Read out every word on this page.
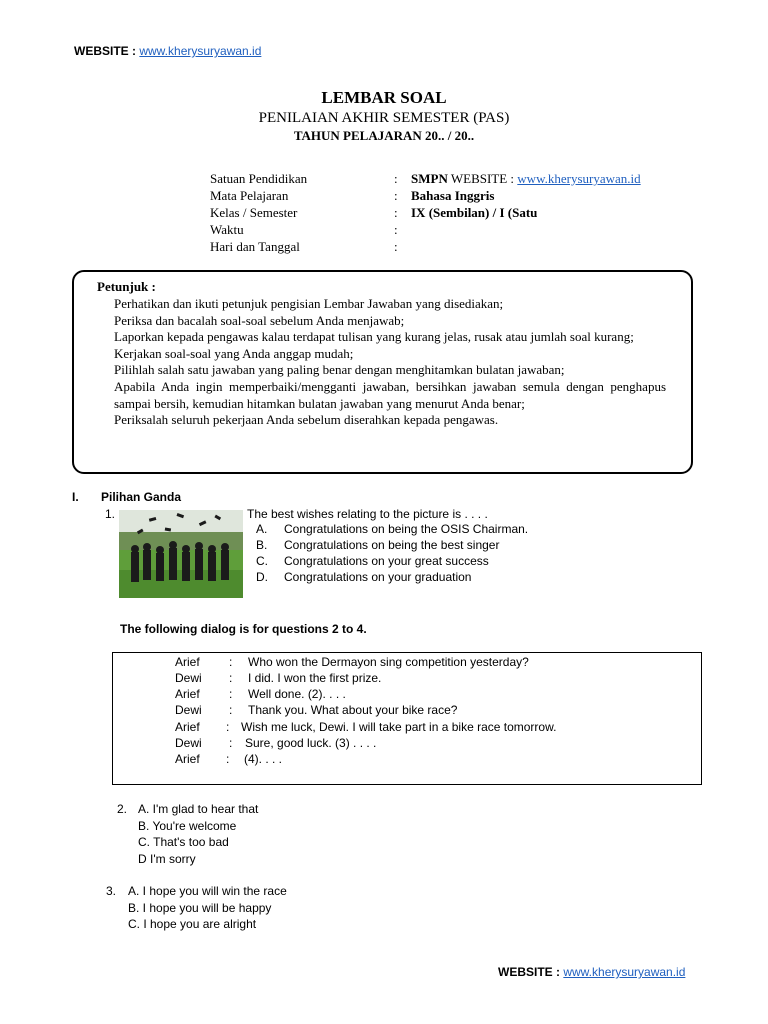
WEBSITE : www.kherysuryawan.id
LEMBAR SOAL
PENILAIAN AKHIR SEMESTER (PAS)
TAHUN PELAJARAN 20.. / 20..
Satuan Pendidikan	: SMPN WEBSITE : www.kherysuryawan.id
Mata Pelajaran	: Bahasa Inggris
Kelas / Semester	: IX (Sembilan) / I (Satu
Waktu	:
Hari dan Tanggal	:
Petunjuk :
Perhatikan dan ikuti petunjuk pengisian Lembar Jawaban yang disediakan;
Periksa dan bacalah soal-soal sebelum Anda menjawab;
Laporkan kepada pengawas kalau terdapat tulisan yang kurang jelas, rusak atau jumlah soal kurang;
Kerjakan soal-soal yang Anda anggap mudah;
Pilihlah salah satu jawaban yang paling benar dengan menghitamkan bulatan jawaban;
Apabila Anda ingin memperbaiki/mengganti jawaban, bersihkan jawaban semula dengan penghapus sampai bersih, kemudian hitamkan bulatan jawaban yang menurut Anda benar;
Periksalah seluruh pekerjaan Anda sebelum diserahkan kepada pengawas.
I. Pilihan Ganda
1.	The best wishes relating to the picture is . . . .
A. Congratulations on being the OSIS Chairman.
B. Congratulations on being the best singer
C. Congratulations on your great success
D. Congratulations on your graduation
The following dialog is for questions 2 to 4.
Arief : Who won the Dermayon sing competition yesterday?
Dewi : I did. I won the first prize.
Arief : Well done. (2). . . .
Dewi : Thank you. What about your bike race?
Arief : Wish me luck, Dewi. I will take part in a bike race tomorrow.
Dewi : Sure, good luck. (3) . . . .
Arief : (4). . . .
2. A. I'm glad to hear that
B. You're welcome
C. That's too bad
D I'm sorry
3. A. I hope you will win the race
B. I hope you will be happy
C. I hope you are alright
WEBSITE : www.kherysuryawan.id
